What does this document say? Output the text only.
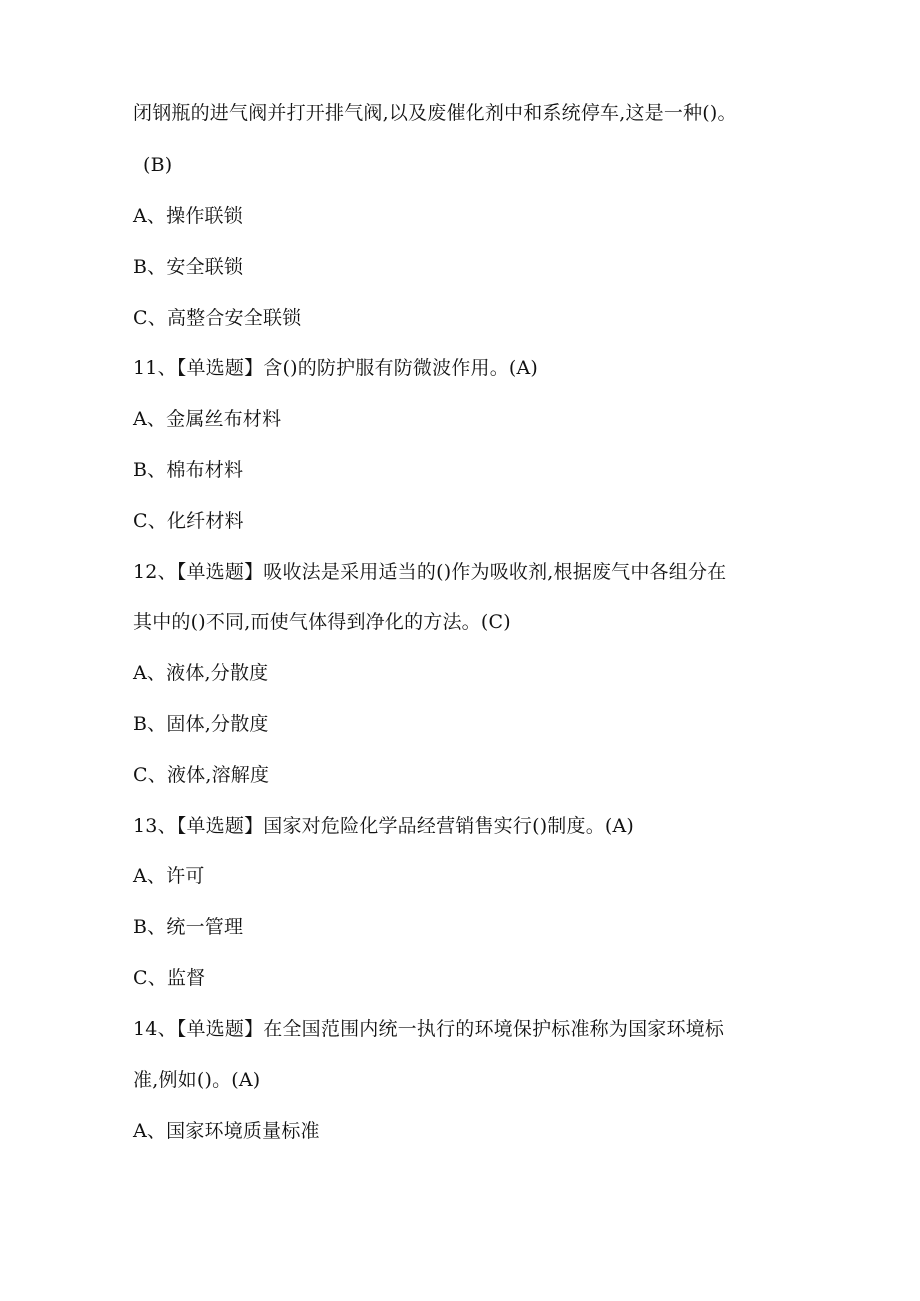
闭钢瓶的进气阀并打开排气阀,以及废催化剂中和系统停车,这是一种()。
(B)
A、操作联锁
B、安全联锁
C、高整合安全联锁
11、【单选题】含()的防护服有防微波作用。(A)
A、金属丝布材料
B、棉布材料
C、化纤材料
12、【单选题】吸收法是采用适当的()作为吸收剂,根据废气中各组分在
其中的()不同,而使气体得到净化的方法。(C)
A、液体,分散度
B、固体,分散度
C、液体,溶解度
13、【单选题】国家对危险化学品经营销售实行()制度。(A)
A、许可
B、统一管理
C、监督
14、【单选题】在全国范围内统一执行的环境保护标准称为国家环境标
准,例如()。(A)
A、国家环境质量标准
